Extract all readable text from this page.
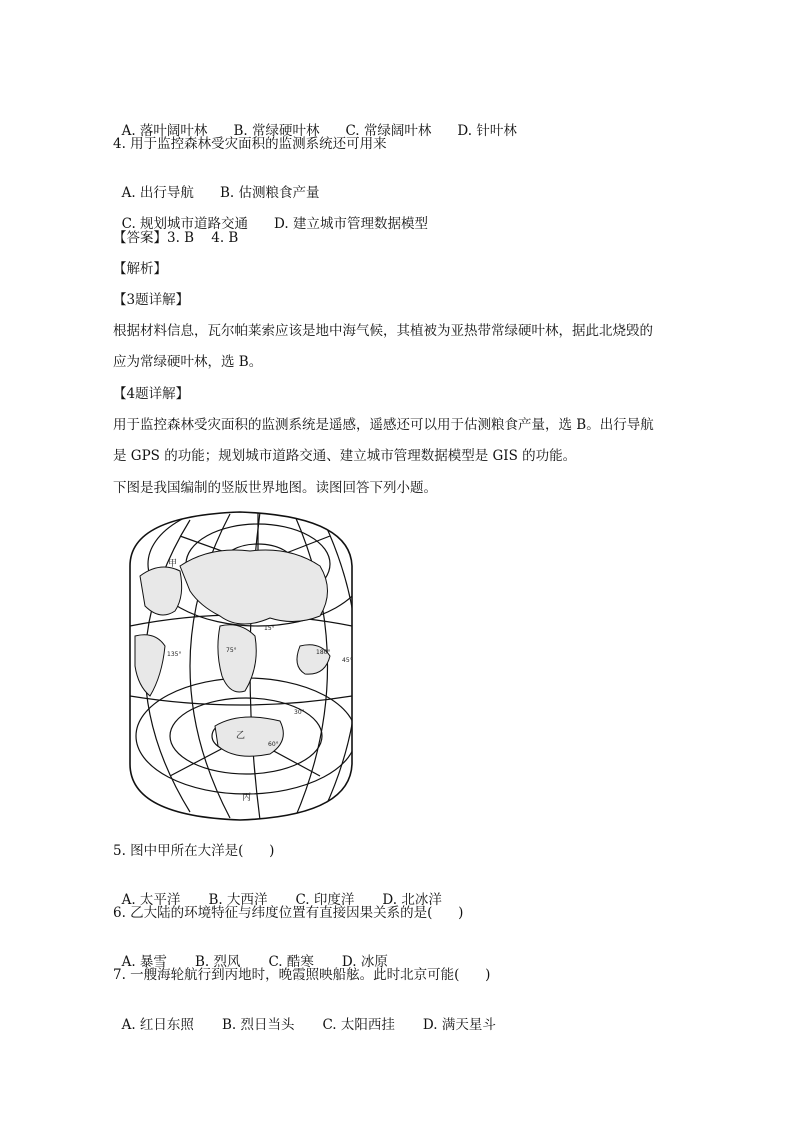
A. 落叶阔叶林 B. 常绿硬叶林 C. 常绿阔叶林 D. 针叶林

4. 用于监控森林受灾面积的监测系统还可用来

A. 出行导航 B. 估测粮食产量

C. 规划城市道路交通 D. 建立城市管理数据模型

【答案】3. B    4. B
【解析】
【3题详解】
根据材料信息，瓦尔帕莱索应该是地中海气候，其植被为亚热带常绿硬叶林，据此北烧毁的
应为常绿硬叶林，选 B。
【4题详解】
用于监控森林受灾面积的监测系统是遥感，遥感还可以用于估测粮食产量，选 B。出行导航
是 GPS 的功能；规划城市道路交通、建立城市管理数据模型是 GIS 的功能。
下图是我国编制的竖版世界地图。读图回答下列小题。
甲
乙
丙
135°
75°
15°
180°
45°
60°
30°
5. 图中甲所在大洋是(      )

A. 太平洋 B. 大西洋 C. 印度洋 D. 北冰洋

6. 乙大陆的环境特征与纬度位置有直接因果关系的是(      )

A. 暴雪 B. 烈风 C. 酷寒 D. 冰原

7. 一艘海轮航行到丙地时，晚霞照映船舷。此时北京可能(      )

A. 红日东照 B. 烈日当头 C. 太阳西挂 D. 满天星斗
